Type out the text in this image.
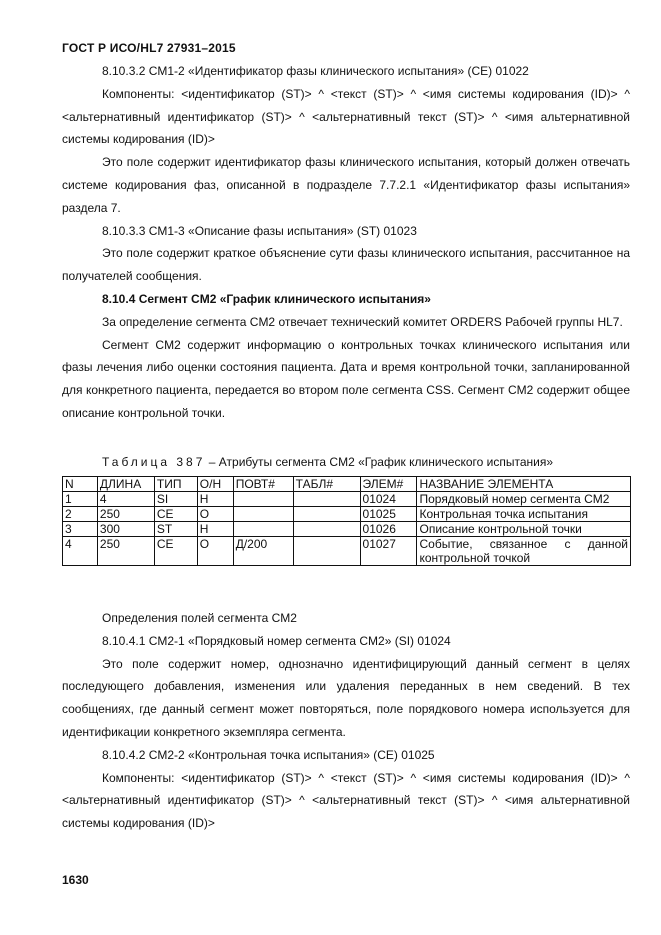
ГОСТ Р ИСО/HL7 27931–2015

8.10.3.2 CM1-2 «Идентификатор фазы клинического испытания» (CE) 01022

Компоненты: <идентификатор (ST)> ^ <текст (ST)> ^ <имя системы кодирования (ID)> ^ <альтернативный идентификатор (ST)> ^ <альтернативный текст (ST)> ^ <имя альтернативной системы кодирования (ID)>

Это поле содержит идентификатор фазы клинического испытания, который должен отвечать системе кодирования фаз, описанной в подразделе 7.7.2.1 «Идентификатор фазы испытания» раздела 7.

8.10.3.3 CM1-3 «Описание фазы испытания» (ST) 01023

Это поле содержит краткое объяснение сути фазы клинического испытания, рассчитанное на получателей сообщения.

8.10.4 Сегмент CM2 «График клинического испытания»

За определение сегмента CM2 отвечает технический комитет ORDERS Рабочей группы HL7.

Сегмент CM2 содержит информацию о контрольных точках клинического испытания или фазы лечения либо оценки состояния пациента. Дата и время контрольной точки, запланированной для конкретного пациента, передается во втором поле сегмента CSS. Сегмент CM2 содержит общее описание контрольной точки.

Таблица 387 – Атрибуты сегмента CM2 «График клинического испытания»
N	ДЛИНА	ТИП	О/Н	ПОВТ#	ТАБЛ#	ЭЛЕМ#	НАЗВАНИЕ ЭЛЕМЕНТА
1	4	SI	Н			01024	Порядковый номер сегмента CM2
2	250	CE	О			01025	Контрольная точка испытания
3	300	ST	Н			01026	Описание контрольной точки
4	250	CE	О	Д/200		01027	Событие, связанное с данной контрольной точкой

Определения полей сегмента CM2

8.10.4.1 CM2-1 «Порядковый номер сегмента CM2» (SI) 01024

Это поле содержит номер, однозначно идентифицирующий данный сегмент в целях последующего добавления, изменения или удаления переданных в нем сведений. В тех сообщениях, где данный сегмент может повторяться, поле порядкового номера используется для идентификации конкретного экземпляра сегмента.

8.10.4.2 CM2-2 «Контрольная точка испытания» (CE) 01025

Компоненты: <идентификатор (ST)> ^ <текст (ST)> ^ <имя системы кодирования (ID)> ^ <альтернативный идентификатор (ST)> ^ <альтернативный текст (ST)> ^ <имя альтернативной системы кодирования (ID)>

1630
